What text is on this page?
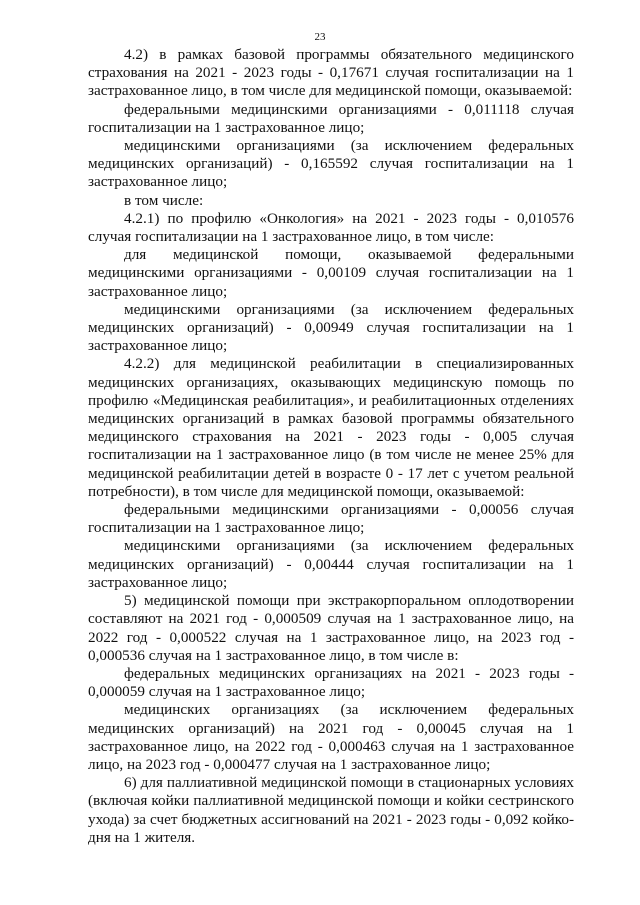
23

4.2) в рамках базовой программы обязательного медицинского страхования на 2021 - 2023 годы - 0,17671 случая госпитализации на 1 застрахованное лицо, в том числе для медицинской помощи, оказываемой:

федеральными медицинскими организациями - 0,011118 случая госпитализации на 1 застрахованное лицо;

медицинскими организациями (за исключением федеральных медицинских организаций) - 0,165592 случая госпитализации на 1 застрахованное лицо;

в том числе:

4.2.1) по профилю «Онкология» на 2021 - 2023 годы - 0,010576 случая госпитализации на 1 застрахованное лицо, в том числе:

для медицинской помощи, оказываемой федеральными медицинскими организациями - 0,00109 случая госпитализации на 1 застрахованное лицо;

медицинскими организациями (за исключением федеральных медицинских организаций) - 0,00949 случая госпитализации на 1 застрахованное лицо;

4.2.2) для медицинской реабилитации в специализированных медицинских организациях, оказывающих медицинскую помощь по профилю «Медицинская реабилитация», и реабилитационных отделениях медицинских организаций в рамках базовой программы обязательного медицинского страхования на 2021 - 2023 годы - 0,005 случая госпитализации на 1 застрахованное лицо (в том числе не менее 25% для медицинской реабилитации детей в возрасте 0 - 17 лет с учетом реальной потребности), в том числе для медицинской помощи, оказываемой:

федеральными медицинскими организациями - 0,00056 случая госпитализации на 1 застрахованное лицо;

медицинскими организациями (за исключением федеральных медицинских организаций) - 0,00444 случая госпитализации на 1 застрахованное лицо;

5) медицинской помощи при экстракорпоральном оплодотворении составляют на 2021 год - 0,000509 случая на 1 застрахованное лицо, на 2022 год - 0,000522 случая на 1 застрахованное лицо, на 2023 год - 0,000536 случая на 1 застрахованное лицо, в том числе в:

федеральных медицинских организациях на 2021 - 2023 годы - 0,000059 случая на 1 застрахованное лицо;

медицинских организациях (за исключением федеральных медицинских организаций) на 2021 год - 0,00045 случая на 1 застрахованное лицо, на 2022 год - 0,000463 случая на 1 застрахованное лицо, на 2023 год - 0,000477 случая на 1 застрахованное лицо;

6) для паллиативной медицинской помощи в стационарных условиях (включая койки паллиативной медицинской помощи и койки сестринского ухода) за счет бюджетных ассигнований на 2021 - 2023 годы - 0,092 койко-дня на 1 жителя.
